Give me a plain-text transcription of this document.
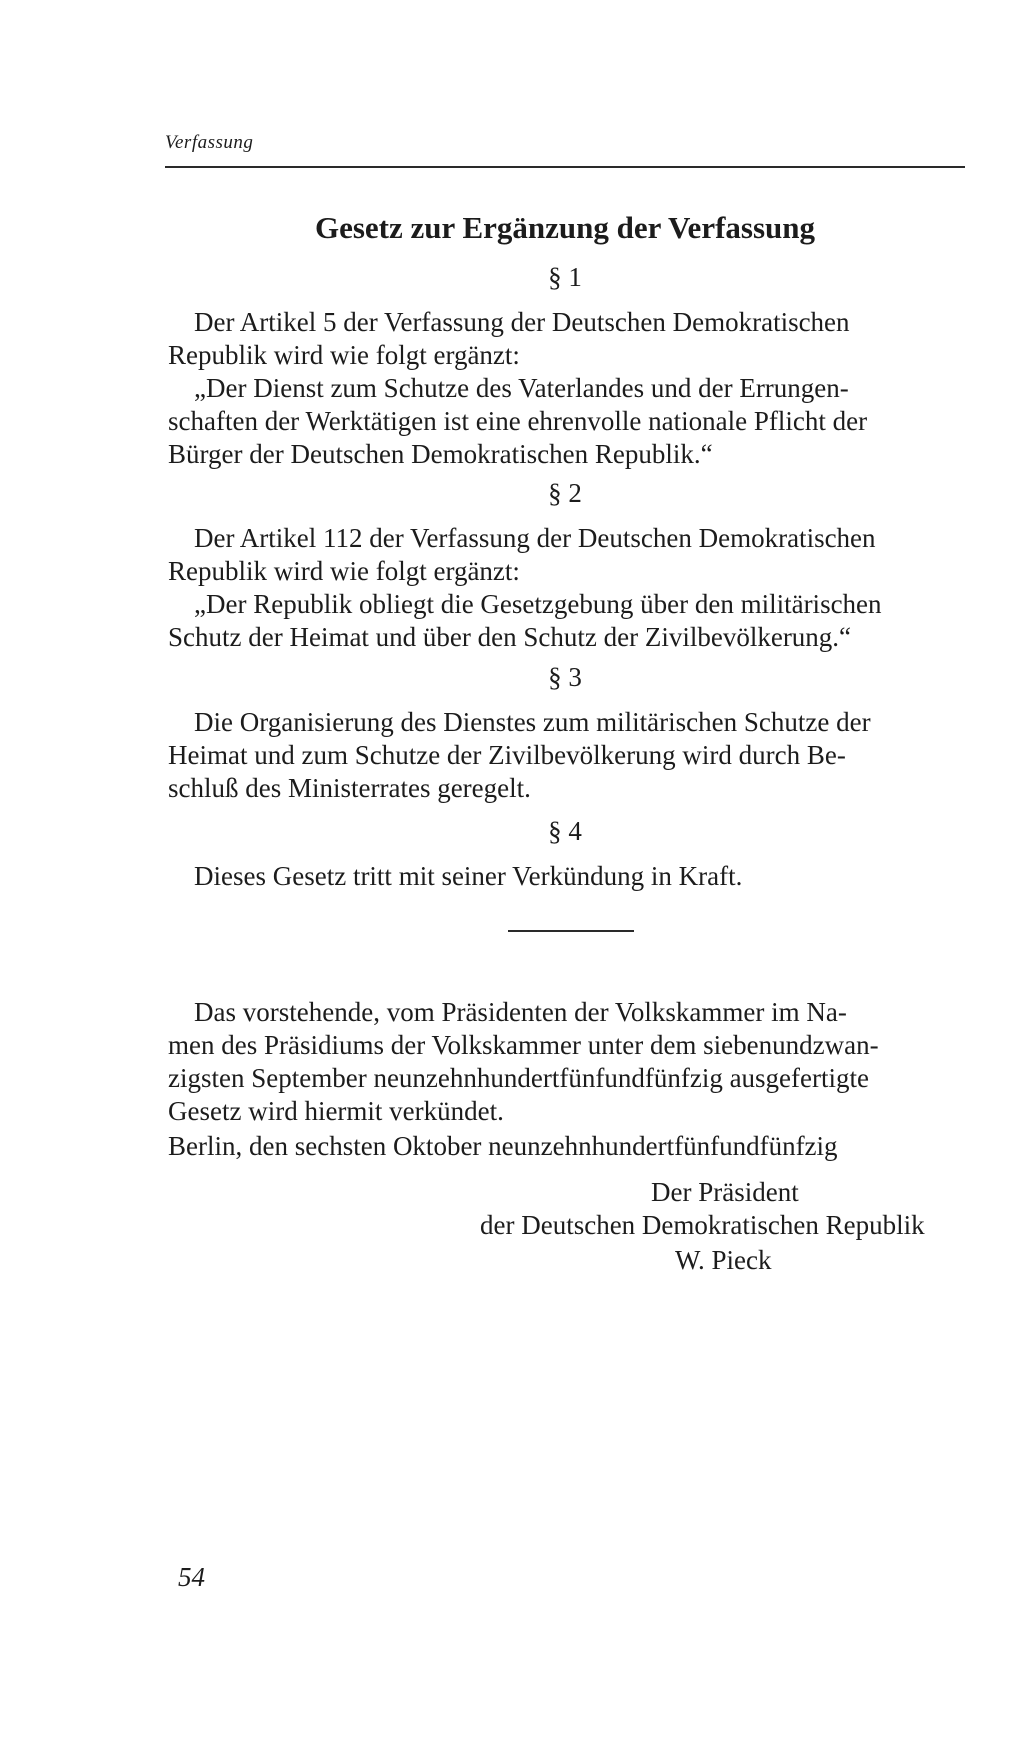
Verfassung
Gesetz zur Ergänzung der Verfassung
§ 1
Der Artikel 5 der Verfassung der Deutschen Demokratischen
Republik wird wie folgt ergänzt:
„Der Dienst zum Schutze des Vaterlandes und der Errungen-
schaften der Werktätigen ist eine ehrenvolle nationale Pflicht der
Bürger der Deutschen Demokratischen Republik.“
§ 2
Der Artikel 112 der Verfassung der Deutschen Demokratischen
Republik wird wie folgt ergänzt:
„Der Republik obliegt die Gesetzgebung über den militärischen
Schutz der Heimat und über den Schutz der Zivilbevölkerung.“
§ 3
Die Organisierung des Dienstes zum militärischen Schutze der
Heimat und zum Schutze der Zivilbevölkerung wird durch Be-
schluß des Ministerrates geregelt.
§ 4
Dieses Gesetz tritt mit seiner Verkündung in Kraft.
Das vorstehende, vom Präsidenten der Volkskammer im Na-
men des Präsidiums der Volkskammer unter dem siebenundzwan-
zigsten September neunzehnhundertfünfundfünfzig ausgefertigte
Gesetz wird hiermit verkündet.
Berlin, den sechsten Oktober neunzehnhundertfünfundfünfzig
Der Präsident
der Deutschen Demokratischen Republik
W. Pieck
54
